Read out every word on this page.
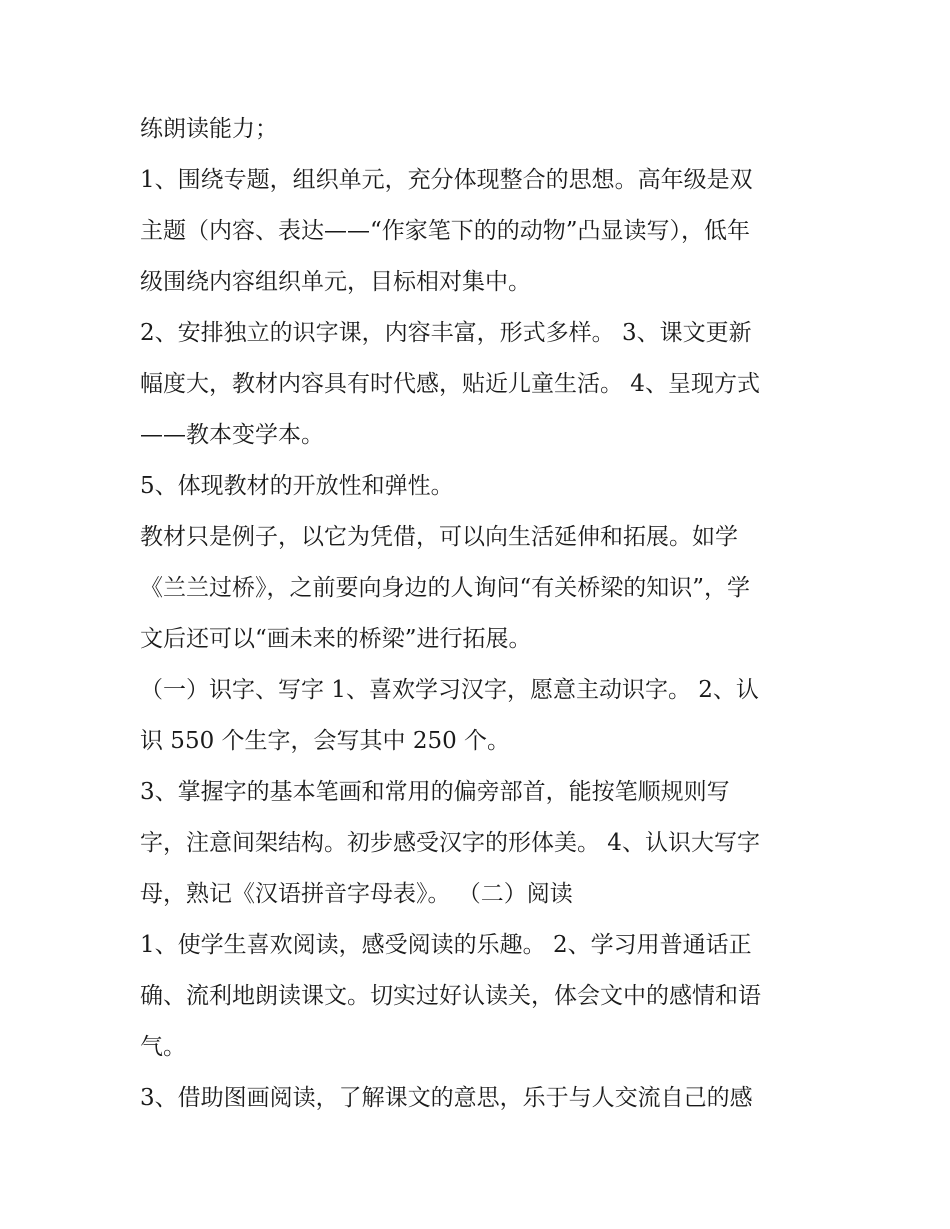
练朗读能力；
1、围绕专题，组织单元，充分体现整合的思想。高年级是双
主题（内容、表达——“作家笔下的的动物”凸显读写），低年
级围绕内容组织单元，目标相对集中。
2、安排独立的识字课，内容丰富，形式多样。 3、课文更新
幅度大，教材内容具有时代感，贴近儿童生活。 4、呈现方式
——教本变学本。
5、体现教材的开放性和弹性。
教材只是例子，以它为凭借，可以向生活延伸和拓展。如学
《兰兰过桥》，之前要向身边的人询问“有关桥梁的知识”，学
文后还可以“画未来的桥梁”进行拓展。
（一）识字、写字 1、喜欢学习汉字，愿意主动识字。 2、认
识 550 个生字，会写其中 250 个。
3、掌握字的基本笔画和常用的偏旁部首，能按笔顺规则写
字，注意间架结构。初步感受汉字的形体美。 4、认识大写字
母，熟记《汉语拼音字母表》。 （二）阅读
1、使学生喜欢阅读，感受阅读的乐趣。 2、学习用普通话正
确、流利地朗读课文。切实过好认读关，体会文中的感情和语
气。
3、借助图画阅读，了解课文的意思，乐于与人交流自己的感
